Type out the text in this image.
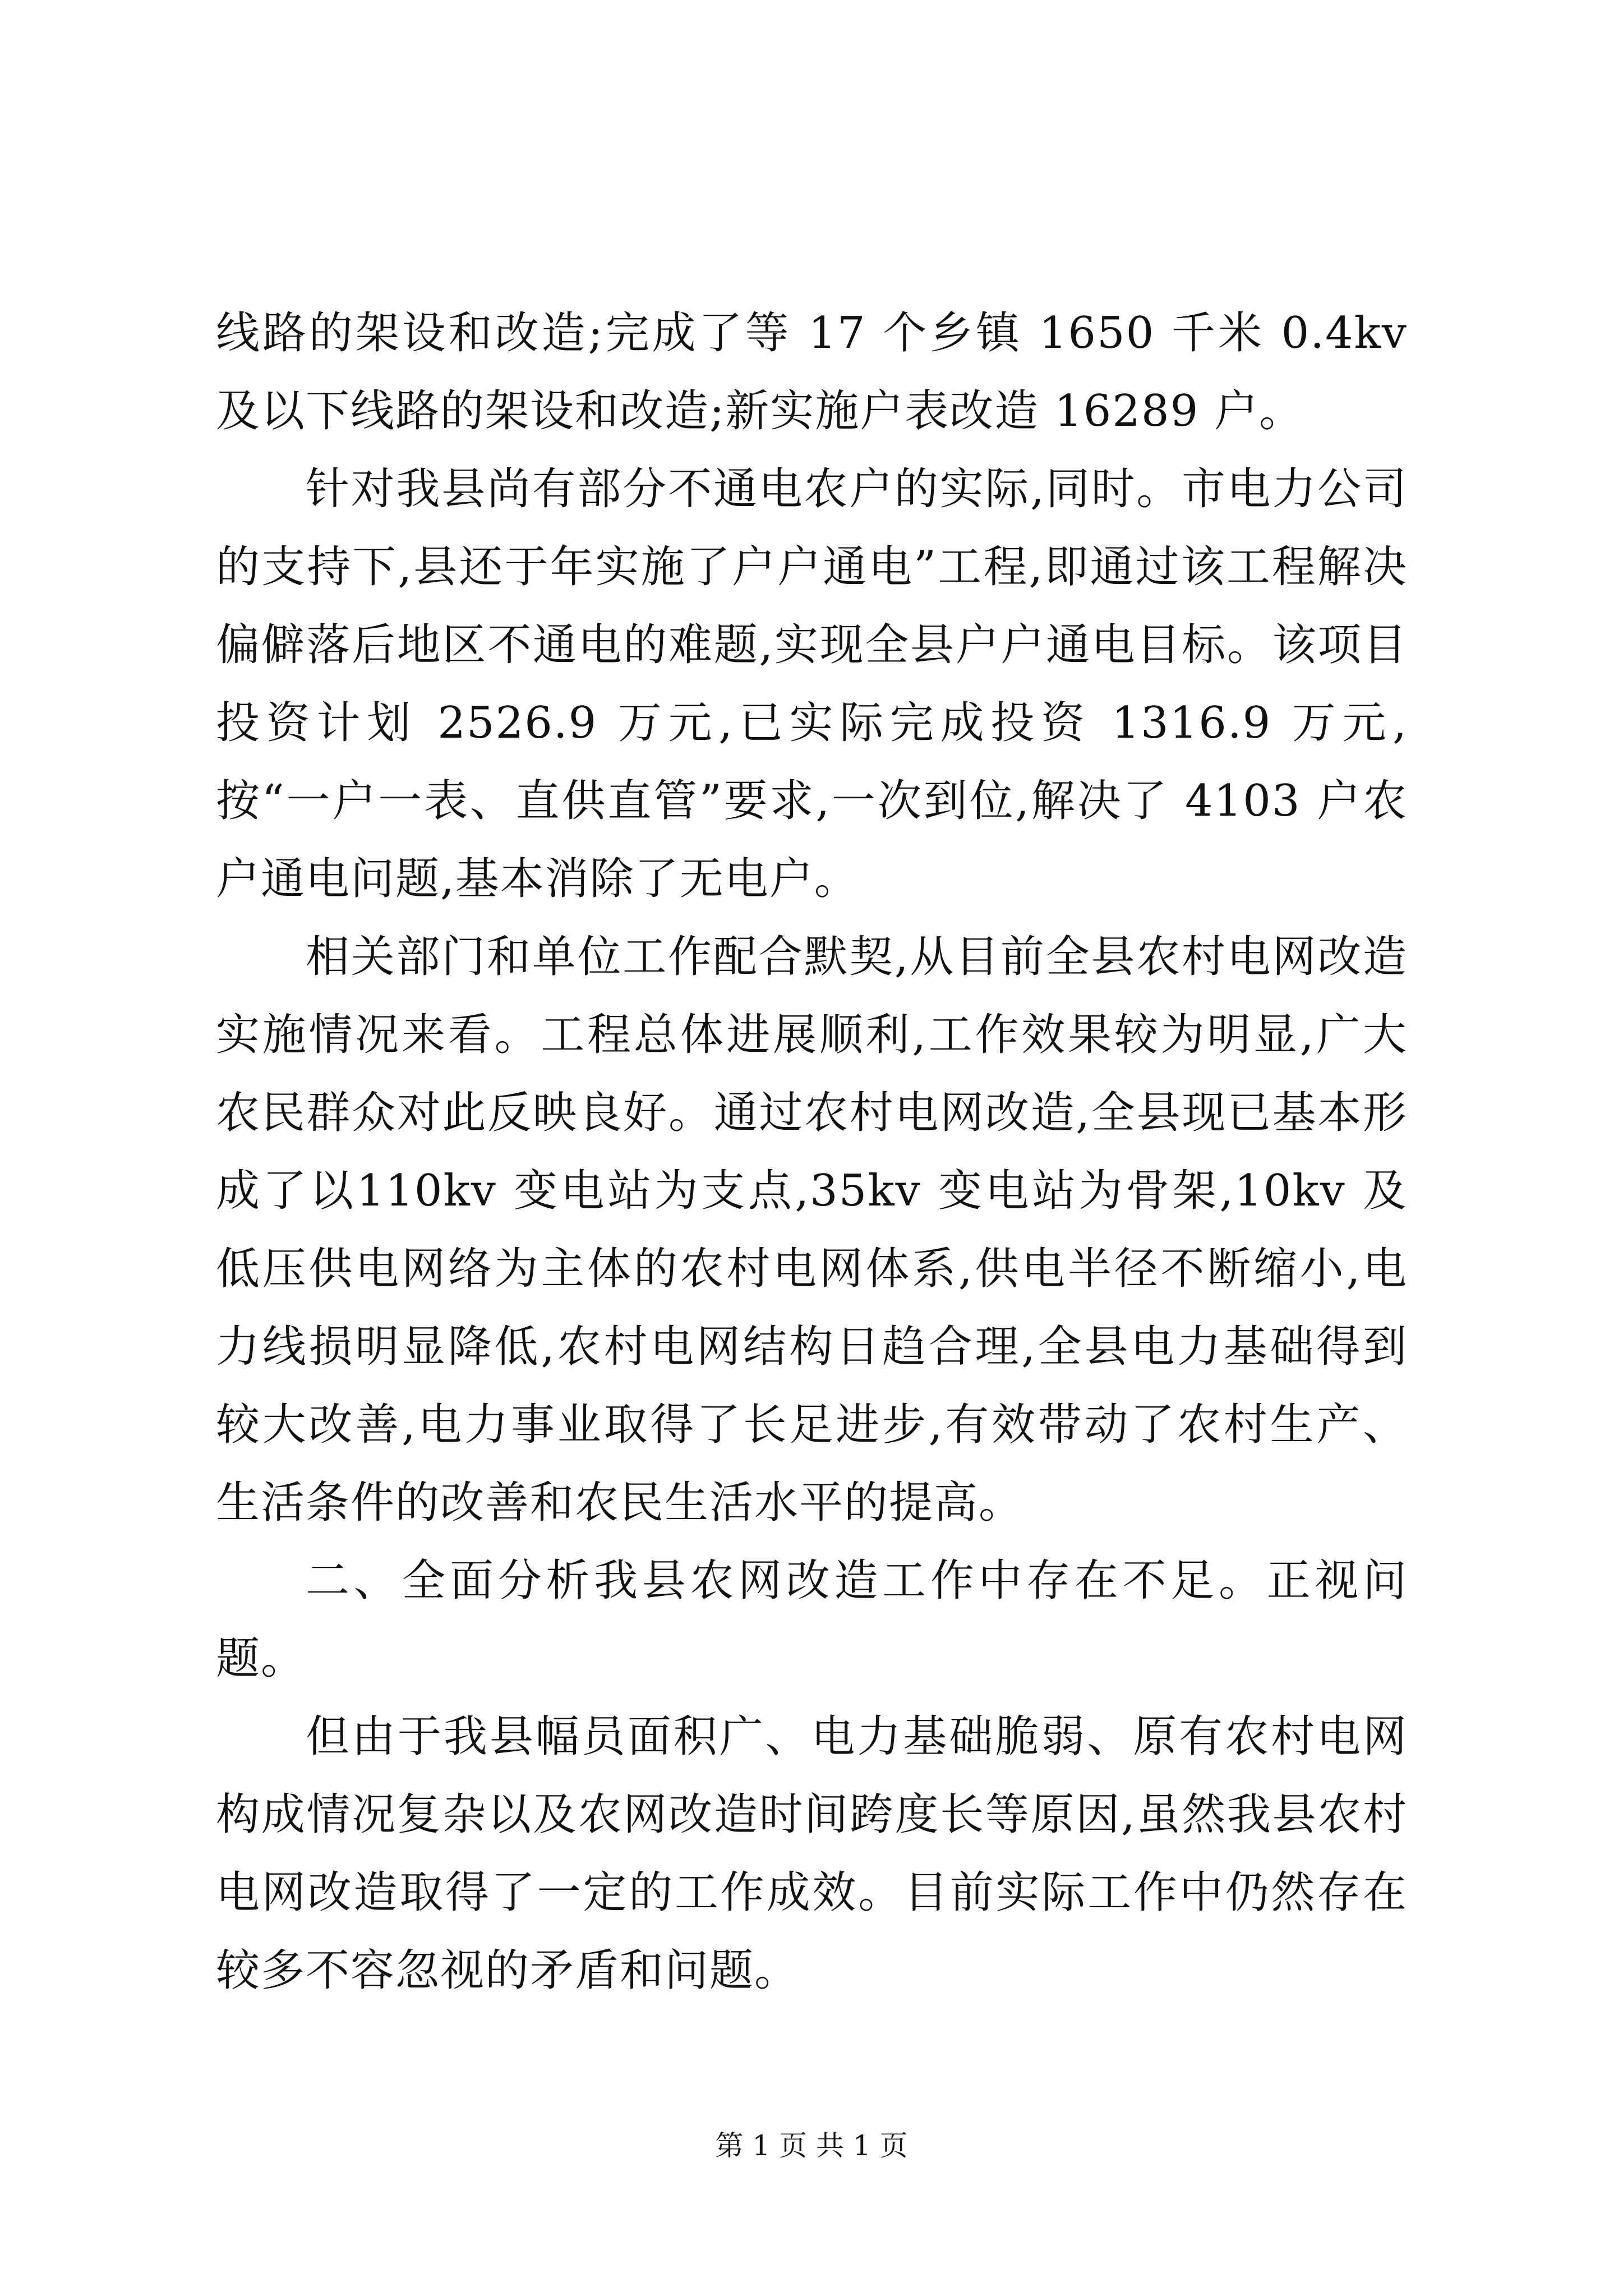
线路的架设和改造;完成了等 17 个乡镇 1650 千米 0.4kv 及以下线路的架设和改造;新实施户表改造 16289 户。

针对我县尚有部分不通电农户的实际,同时。市电力公司的支持下,县还于年实施了户户通电”工程,即通过该工程解决偏僻落后地区不通电的难题,实现全县户户通电目标。该项目投资计划 2526.9 万元,已实际完成投资 1316.9 万元,按“一户一表、直供直管”要求,一次到位,解决了 4103 户农户通电问题,基本消除了无电户。

相关部门和单位工作配合默契,从目前全县农村电网改造实施情况来看。工程总体进展顺利,工作效果较为明显,广大农民群众对此反映良好。通过农村电网改造,全县现已基本形成了以110kv 变电站为支点,35kv 变电站为骨架,10kv 及低压供电网络为主体的农村电网体系,供电半径不断缩小,电力线损明显降低,农村电网结构日趋合理,全县电力基础得到较大改善,电力事业取得了长足进步,有效带动了农村生产、生活条件的改善和农民生活水平的提高。

二、全面分析我县农网改造工作中存在不足。正视问题。

但由于我县幅员面积广、电力基础脆弱、原有农村电网构成情况复杂以及农网改造时间跨度长等原因,虽然我县农村电网改造取得了一定的工作成效。目前实际工作中仍然存在较多不容忽视的矛盾和问题。

第 1 页 共 1 页
